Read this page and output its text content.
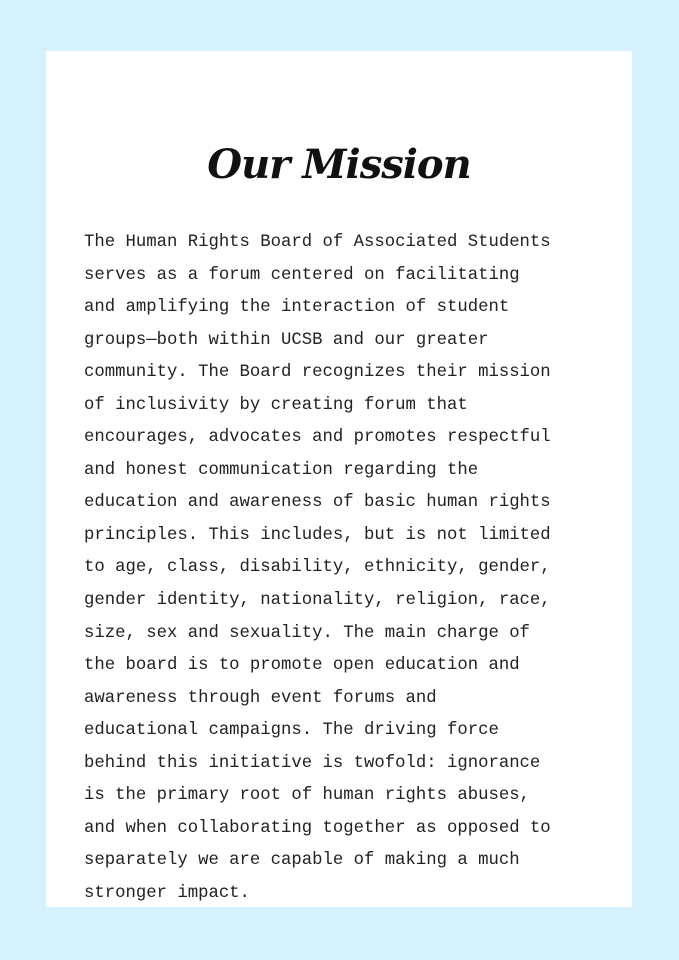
Our Mission
The Human Rights Board of Associated Students
serves as a forum centered on facilitating
and amplifying the interaction of student
groups—both within UCSB and our greater
community. The Board recognizes their mission
of inclusivity by creating forum that
encourages, advocates and promotes respectful
and honest communication regarding the
education and awareness of basic human rights
principles. This includes, but is not limited
to age, class, disability, ethnicity, gender,
gender identity, nationality, religion, race,
size, sex and sexuality. The main charge of
the board is to promote open education and
awareness through event forums and
educational campaigns. The driving force
behind this initiative is twofold: ignorance
is the primary root of human rights abuses,
and when collaborating together as opposed to
separately we are capable of making a much
stronger impact.
